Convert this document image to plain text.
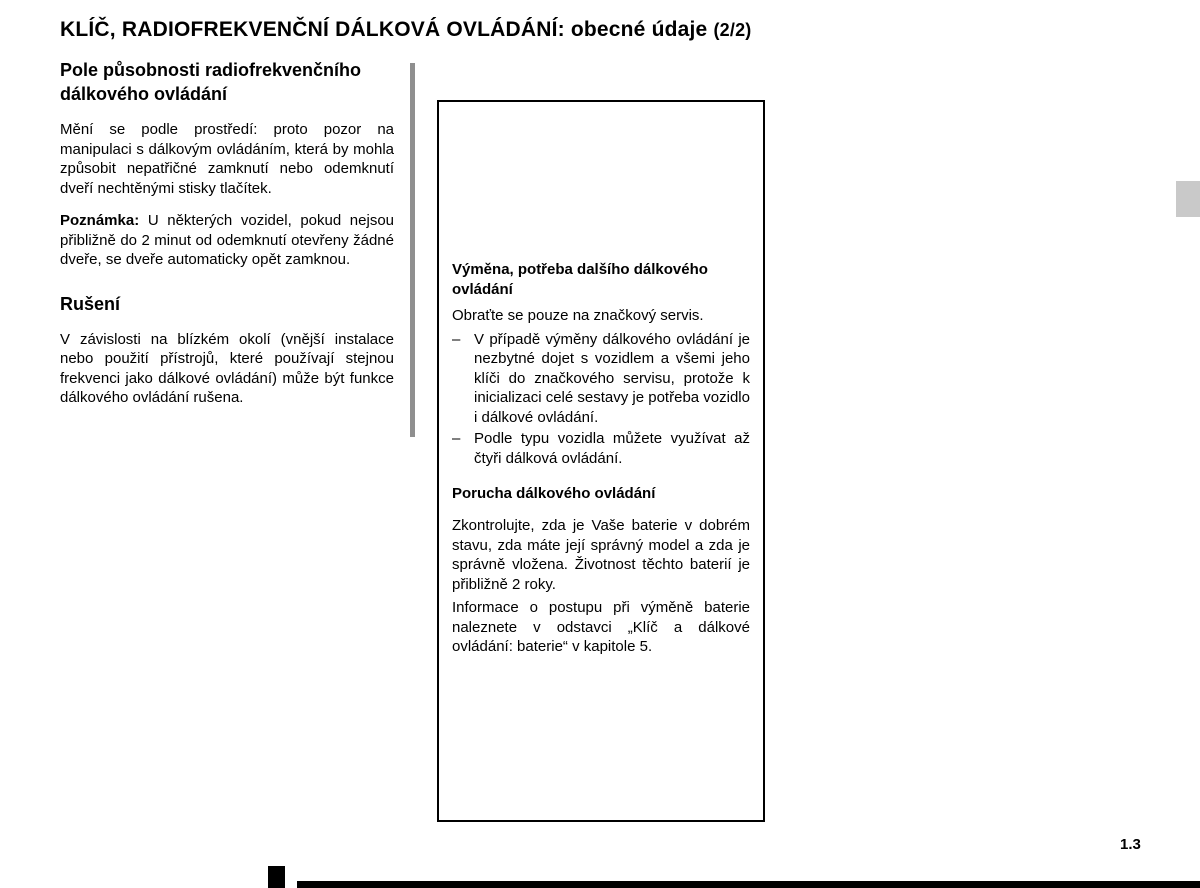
KLÍČ, RADIOFREKVENČNÍ DÁLKOVÁ OVLÁDÁNÍ: obecné údaje (2/2)
Pole působnosti radiofrekvenčního dálkového ovládání

Mění se podle prostředí: proto pozor na manipulaci s dálkovým ovládáním, která by mohla způsobit nepatřičné zamknutí nebo odemknutí dveří nechtěnými stisky tlačítek.

Poznámka: U některých vozidel, pokud nejsou přibližně do 2 minut od odemknutí otevřeny žádné dveře, se dveře automaticky opět zamknou.

Rušení

V závislosti na blízkém okolí (vnější instalace nebo použití přístrojů, které používají stejnou frekvenci jako dálkové ovládání) může být funkce dálkového ovládání rušena.

Výměna, potřeba dalšího dálkového ovládání

Obraťte se pouze na značkový servis.

– V případě výměny dálkového ovládání je nezbytné dojet s vozidlem a všemi jeho klíči do značkového servisu, protože k inicializaci celé sestavy je potřeba vozidlo i dálkové ovládání.
– Podle typu vozidla můžete využívat až čtyři dálková ovládání.
Porucha dálkového ovládání

Zkontrolujte, zda je Vaše baterie v dobrém stavu, zda máte její správný model a zda je správně vložena. Životnost těchto baterií je přibližně 2 roky.

Informace o postupu při výměně baterie naleznete v odstavci „Klíč a dálkové ovládání: baterie“ v kapitole 5.

1.3
